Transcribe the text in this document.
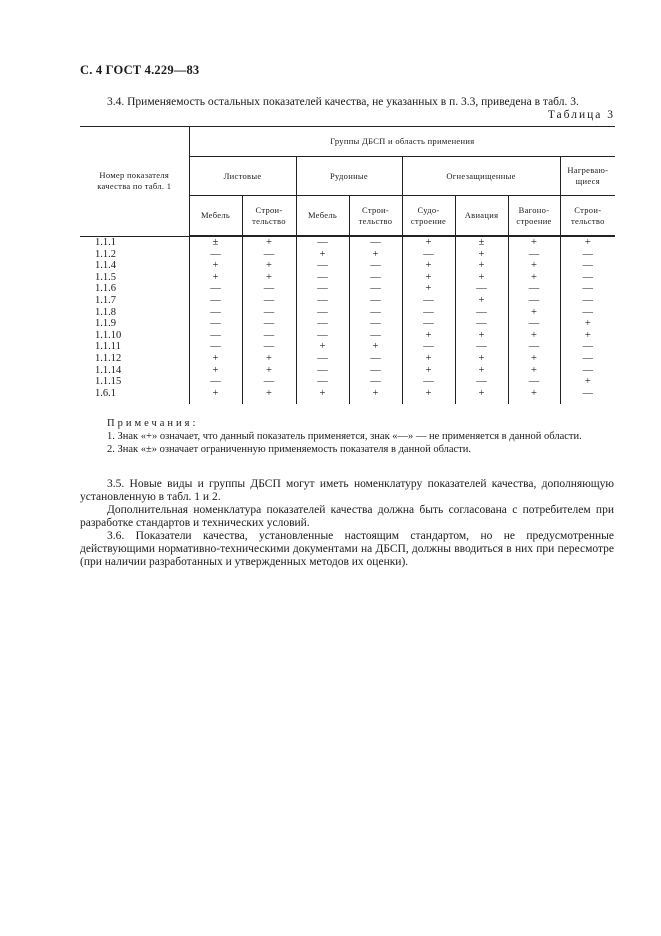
С. 4 ГОСТ 4.229—83
3.4. Применяемость остальных показателей качества, не указанных в п. 3.3, приведена в табл. 3.
Таблица 3
Номер показателя качества по табл. 1	Группы ДБСП и область применения							
	Листовые		Рудонные		Огнезащищенные			Нагреваю-щиеся
	Мебель	Строи-тельство	Мебель	Строи-тельство	Судо-строение	Авиация	Вагоно-строение	Строи-тельство
1.1.1	±	+	—	—	+	±	+	+
1.1.2	—	—	+	+	—	+	—	—
1.1.4	+	+	—	—	+	+	+	—
1.1.5	+	+	—	—	+	+	+	—
1.1.6	—	—	—	—	+	—	—	—
1.1.7	—	—	—	—	—	+	—	—
1.1.8	—	—	—	—	—	—	+	—
1.1.9	—	—	—	—	—	—	—	+
1.1.10	—	—	—	—	+	+	+	+
1.1.11	—	—	+	+	—	—	—	—
1.1.12	+	+	—	—	+	+	+	—
1.1.14	+	+	—	—	+	+	+	—
1.1.15	—	—	—	—	—	—	—	+
1.6.1	+	+	+	+	+	+	+	—
Примечания:
1. Знак «+» означает, что данный показатель применяется, знак «—» — не применяется в данной области.
2. Знак «±» означает ограниченную применяемость показателя в данной области.

3.5. Новые виды и группы ДБСП могут иметь номенклатуру показателей качества, дополняющую установленную в табл. 1 и 2.

Дополнительная номенклатура показателей качества должна быть согласована с потребителем при разработке стандартов и технических условий.

3.6. Показатели качества, установленные настоящим стандартом, но не предусмотренные действующими нормативно-техническими документами на ДБСП, должны вводиться в них при пересмотре (при наличии разработанных и утвержденных методов их оценки).
